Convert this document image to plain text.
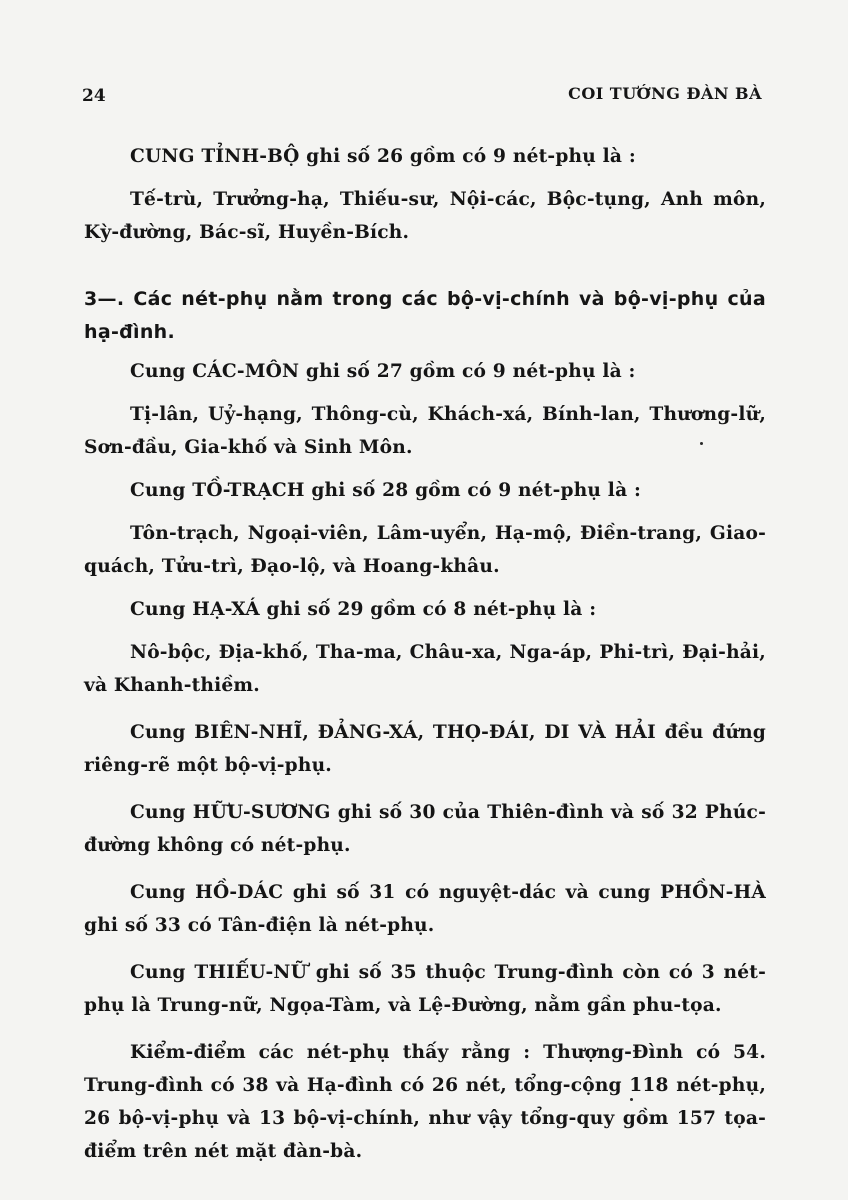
24	COI TƯỚNG ĐÀN BÀ

CUNG TỈNH-BỘ ghi số 26 gồm có 9 nét-phụ là :

Tế-trù, Trưởng-hạ, Thiếu-sư, Nội-các, Bộc-tụng, Anh môn, Kỳ-đường, Bác-sĩ, Huyền-Bích.

3—. Các nét-phụ nằm trong các bộ-vị-chính và bộ-vị-phụ của hạ-đình.

Cung CÁC-MÔN ghi số 27 gồm có 9 nét-phụ là :

Tị-lân, Uỷ-hạng, Thông-cù, Khách-xá, Bính-lan, Thương-lữ, Sơn-đầu, Gia-khố và Sinh Môn.

Cung TỒ-TRẠCH ghi số 28 gồm có 9 nét-phụ là :

Tôn-trạch, Ngoại-viên, Lâm-uyển, Hạ-mộ, Điền-trang, Giao-quách, Tửu-trì, Đạo-lộ, và Hoang-khâu.

Cung HẠ-XÁ ghi số 29 gồm có 8 nét-phụ là :

Nô-bộc, Địa-khố, Tha-ma, Châu-xa, Nga-áp, Phi-trì, Đại-hải, và Khanh-thiềm.

Cung BIÊN-NHĨ, ĐẢNG-XÁ, THỌ-ĐÁI, DI VÀ HẢI đều đứng riêng-rẽ một bộ-vị-phụ.

Cung HỮU-SƯƠNG ghi số 30 của Thiên-đình và số 32 Phúc-đường không có nét-phụ.

Cung HỒ-DÁC ghi số 31 có nguyệt-dác và cung PHỒN-HÀ ghi số 33 có Tân-điện là nét-phụ.

Cung THIẾU-NỮ ghi số 35 thuộc Trung-đình còn có 3 nét-phụ là Trung-nữ, Ngọa-Tàm, và Lệ-Đường, nằm gần phu-tọa.

Kiểm-điểm các nét-phụ thấy rằng : Thượng-Đình có 54. Trung-đình có 38 và Hạ-đình có 26 nét, tổng-cộng 118 nét-phụ, 26 bộ-vị-phụ và 13 bộ-vị-chính, như vậy tổng-quy gồm 157 tọa-điểm trên nét mặt đàn-bà.
